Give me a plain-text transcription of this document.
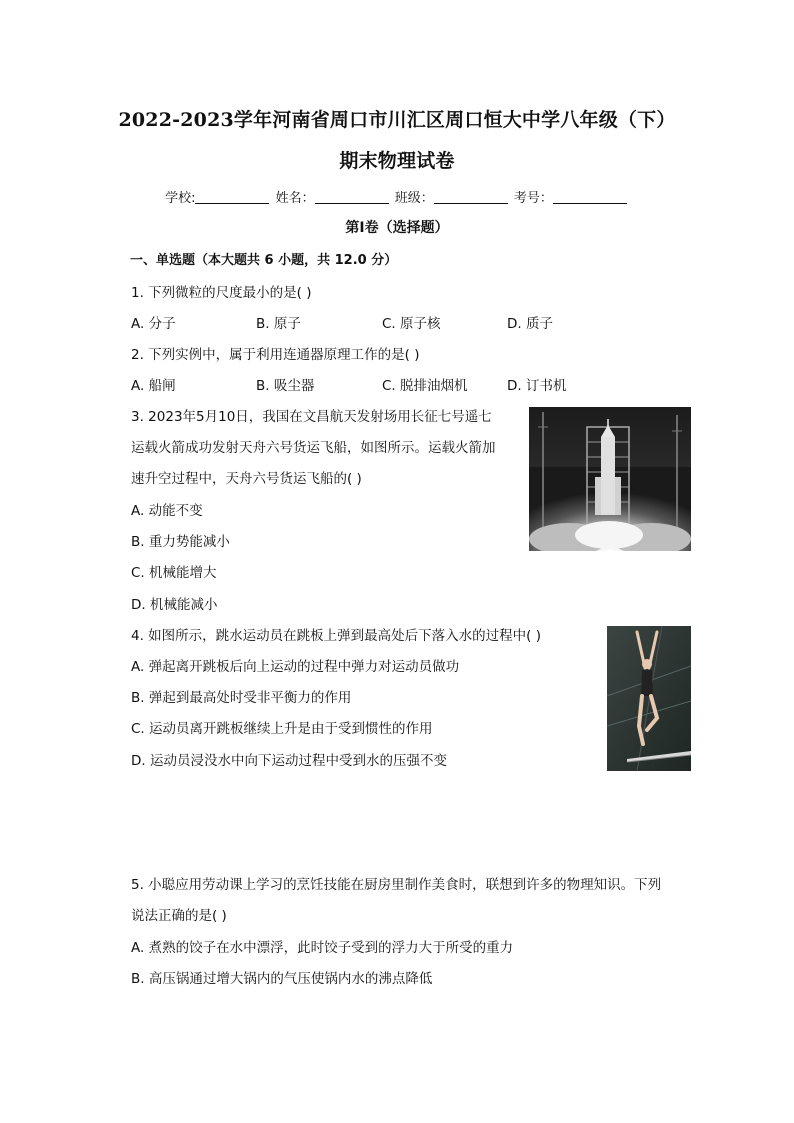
2022-2023学年河南省周口市川汇区周口恒大中学八年级（下）
期末物理试卷
学校:	姓名：	班级：	考号：
第I卷（选择题）
一、单选题（本大题共 6 小题，共 12.0 分）
1. 下列微粒的尺度最小的是( )
A. 分子	B. 原子	C. 原子核	D. 质子
2. 下列实例中，属于利用连通器原理工作的是( )
A. 船闸	B. 吸尘器	C. 脱排油烟机	D. 订书机
3. 2023年5月10日，我国在文昌航天发射场用长征七号遥七
运载火箭成功发射天舟六号货运飞船，如图所示。运载火箭加
速升空过程中，天舟六号货运飞船的( )
A. 动能不变
B. 重力势能减小
C. 机械能增大
D. 机械能减小
4. 如图所示，跳水运动员在跳板上弹到最高处后下落入水的过程中( )
A. 弹起离开跳板后向上运动的过程中弹力对运动员做功
B. 弹起到最高处时受非平衡力的作用
C. 运动员离开跳板继续上升是由于受到惯性的作用
D. 运动员浸没水中向下运动过程中受到水的压强不变
5. 小聪应用劳动课上学习的烹饪技能在厨房里制作美食时，联想到许多的物理知识。下列
说法正确的是( )
A. 煮熟的饺子在水中漂浮，此时饺子受到的浮力大于所受的重力
B. 高压锅通过增大锅内的气压使锅内水的沸点降低
